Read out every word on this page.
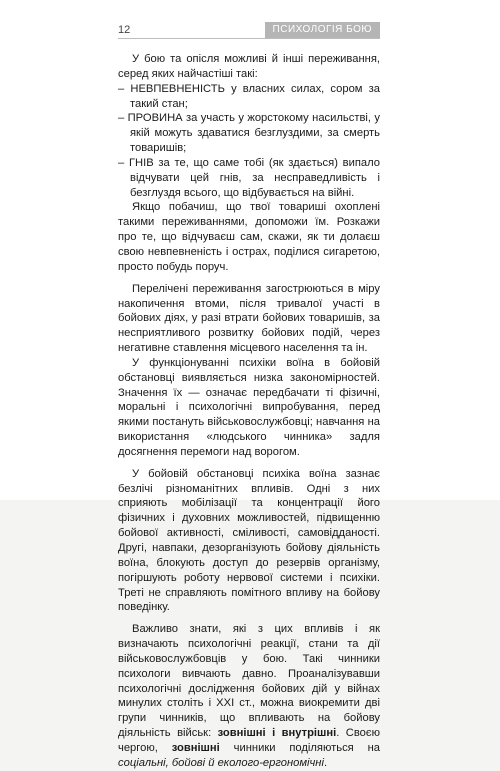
12	ПСИХОЛОГІЯ БОЮ

У бою та опісля можливі й інші переживання, серед яких найчастіші такі:

– НЕВПЕВНЕНІСТЬ у власних силах, сором за такий стан;

– ПРОВИНА за участь у жорстокому насильстві, у якій можуть здаватися безглуздими, за смерть товаришів;

– ГНІВ за те, що саме тобі (як здається) випало відчувати цей гнів, за несправедливість і безглуздя всього, що відбувається на війні.

Якщо побачиш, що твої товариші охоплені такими переживаннями, допоможи їм. Розкажи про те, що відчуваєш сам, скажи, як ти долаєш свою невпевненість і острах, поділися сигаретою, просто побудь поруч.

Перелічені переживання загострюються в міру накопичення втоми, після тривалої участі в бойових діях, у разі втрати бойових товаришів, за несприятливого розвитку бойових подій, через негативне ставлення місцевого населення та ін.

У функціонуванні психіки воїна в бойовій обстановці виявляється низка закономірностей. Значення їх — означає передбачати ті фізичні, моральні і психологічні випробування, перед якими постануть військовослужбовці; навчання на використання «людського чинника» задля досягнення перемоги над ворогом.

У бойовій обстановці психіка воїна зазнає безлічі різноманітних впливів. Одні з них сприяють мобілізації та концентрації його фізичних і духовних можливостей, підвищенню бойової активності, сміливості, самовідданості. Другі, навпаки, дезорганізують бойову діяльність воїна, блокують доступ до резервів організму, погіршують роботу нервової системи і психіки. Треті не справляють помітного впливу на бойову поведінку.

Важливо знати, які з цих впливів і як визначають психологічні реакції, стани та дії військовослужбовців у бою. Такі чинники психологи вивчають давно. Проаналізувавши психологічні дослідження бойових дій у війнах минулих століть і XXI ст., можна виокремити дві групи чинників, що впливають на бойову діяльність військ: зовнішні і внутрішні. Своєю чергою, зовнішні чинники поділяються на соціальні, бойові й еколого-ергономічні.
